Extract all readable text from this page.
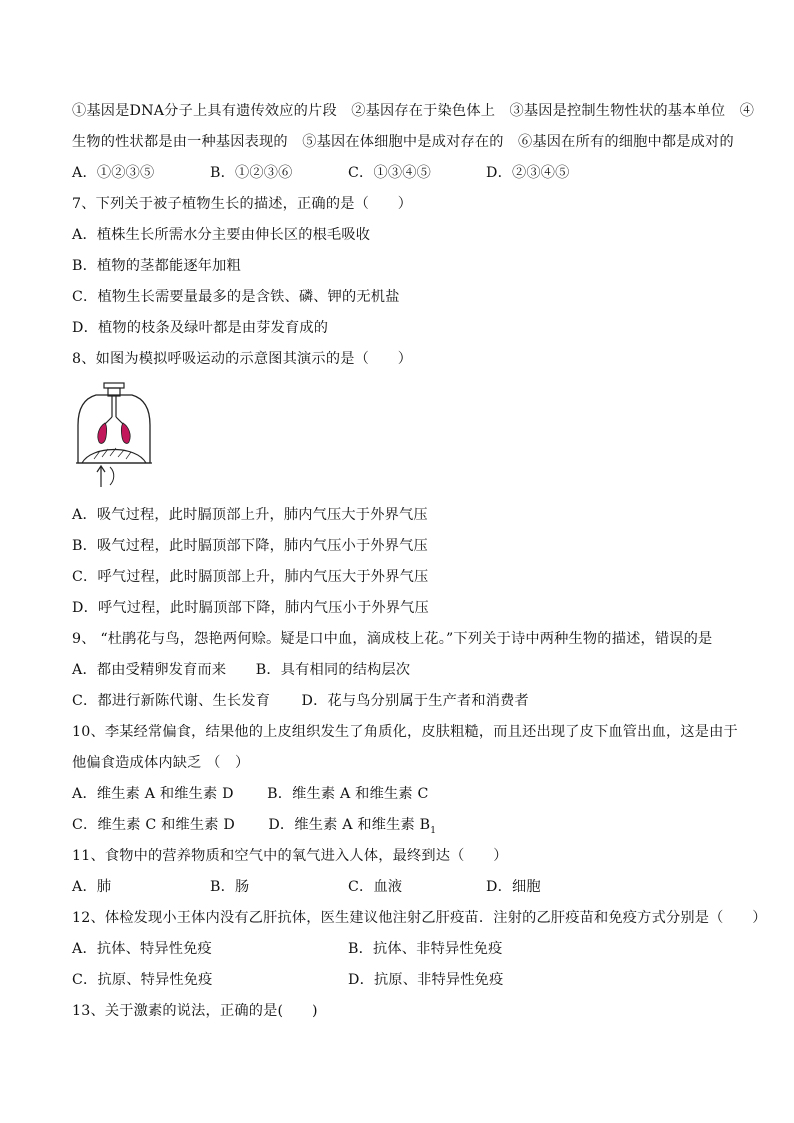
①基因是DNA分子上具有遗传效应的片段　②基因存在于染色体上　③基因是控制生物性状的基本单位　④
生物的性状都是由一种基因表现的　⑤基因在体细胞中是成对存在的　⑥基因在所有的细胞中都是成对的
A．①②③⑤	B．①②③⑥	C．①③④⑤	D．②③④⑤
7、下列关于被子植物生长的描述，正确的是（　　）
A．植株生长所需水分主要由伸长区的根毛吸收
B．植物的茎都能逐年加粗
C．植物生长需要量最多的是含铁、磷、钾的无机盐
D．植物的枝条及绿叶都是由芽发育成的
8、如图为模拟呼吸运动的示意图其演示的是（　　）
A．吸气过程，此时膈顶部上升，肺内气压大于外界气压
B．吸气过程，此时膈顶部下降，肺内气压小于外界气压
C．呼气过程，此时膈顶部上升，肺内气压大于外界气压
D．呼气过程，此时膈顶部下降，肺内气压小于外界气压
9、 “杜鹃花与鸟，怨艳两何赊。疑是口中血，滴成枝上花。”下列关于诗中两种生物的描述，错误的是
A．都由受精卵发育而来 B．具有相同的结构层次
C．都进行新陈代谢、生长发育 D．花与鸟分别属于生产者和消费者
10、李某经常偏食，结果他的上皮组织发生了角质化，皮肤粗糙，而且还出现了皮下血管出血，这是由于
他偏食造成体内缺乏 （　）
A．维生素 A 和维生素 D B．维生素 A 和维生素 C
C．维生素 C 和维生素 D D．维生素 A 和维生素 $B_1$
11、食物中的营养物质和空气中的氧气进入人体，最终到达（　　）
A．肺	B．肠	C．血液	D．细胞
12、体检发现小王体内没有乙肝抗体，医生建议他注射乙肝疫苗．注射的乙肝疫苗和免疫方式分别是（　　）
A．抗体、特异性免疫	B．抗体、非特异性免疫
C．抗原、特异性免疫	D．抗原、非特异性免疫
13、关于激素的说法，正确的是(　　)
